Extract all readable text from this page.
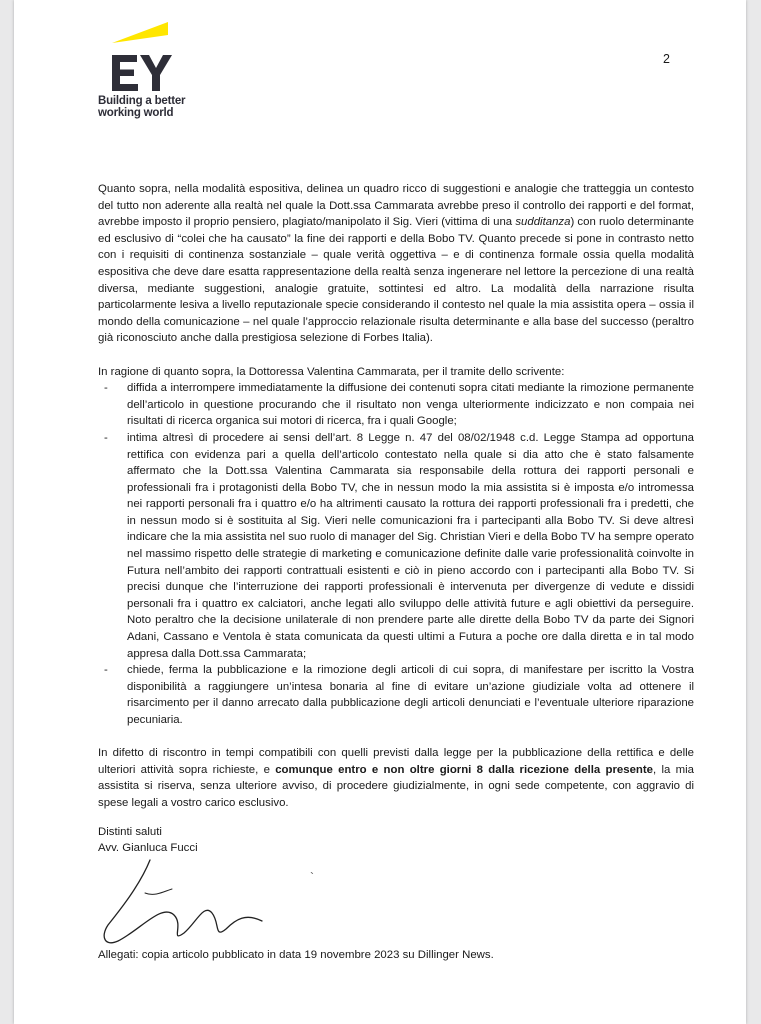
Building a better
working world
2

Quanto sopra, nella modalità espositiva, delinea un quadro ricco di suggestioni e analogie che tratteggia un contesto del tutto non aderente alla realtà nel quale la Dott.ssa Cammarata avrebbe preso il controllo dei rapporti e del format, avrebbe imposto il proprio pensiero, plagiato/manipolato il Sig. Vieri (vittima di una sudditanza) con ruolo determinante ed esclusivo di “colei che ha causato” la fine dei rapporti e della Bobo TV. Quanto precede si pone in contrasto netto con i requisiti di continenza sostanziale – quale verità oggettiva – e di continenza formale ossia quella modalità espositiva che deve dare esatta rappresentazione della realtà senza ingenerare nel lettore la percezione di una realtà diversa, mediante suggestioni, analogie gratuite, sottintesi ed altro. La modalità della narrazione risulta particolarmente lesiva a livello reputazionale specie considerando il contesto nel quale la mia assistita opera – ossia il mondo della comunicazione – nel quale l’approccio relazionale risulta determinante e alla base del successo (peraltro già riconosciuto anche dalla prestigiosa selezione di Forbes Italia).

In ragione di quanto sopra, la Dottoressa Valentina Cammarata, per il tramite dello scrivente:

- diffida a interrompere immediatamente la diffusione dei contenuti sopra citati mediante la rimozione permanente dell’articolo in questione procurando che il risultato non venga ulteriormente indicizzato e non compaia nei risultati di ricerca organica sui motori di ricerca, fra i quali Google;
- intima altresì di procedere ai sensi dell’art. 8 Legge n. 47 del 08/02/1948 c.d. Legge Stampa ad opportuna rettifica con evidenza pari a quella dell’articolo contestato nella quale si dia atto che è stato falsamente affermato che la Dott.ssa Valentina Cammarata sia responsabile della rottura dei rapporti personali e professionali fra i protagonisti della Bobo TV, che in nessun modo la mia assistita si è imposta e/o intromessa nei rapporti personali fra i quattro e/o ha altrimenti causato la rottura dei rapporti professionali fra i predetti, che in nessun modo si è sostituita al Sig. Vieri nelle comunicazioni fra i partecipanti alla Bobo TV. Si deve altresì indicare che la mia assistita nel suo ruolo di manager del Sig. Christian Vieri e della Bobo TV ha sempre operato nel massimo rispetto delle strategie di marketing e comunicazione definite dalle varie professionalità coinvolte in Futura nell’ambito dei rapporti contrattuali esistenti e ciò in pieno accordo con i partecipanti alla Bobo TV. Si precisi dunque che l’interruzione dei rapporti professionali è intervenuta per divergenze di vedute e dissidi personali fra i quattro ex calciatori, anche legati allo sviluppo delle attività future e agli obiettivi da perseguire. Noto peraltro che la decisione unilaterale di non prendere parte alle dirette della Bobo TV da parte dei Signori Adani, Cassano e Ventola è stata comunicata da questi ultimi a Futura a poche ore dalla diretta e in tal modo appresa dalla Dott.ssa Cammarata;
- chiede, ferma la pubblicazione e la rimozione degli articoli di cui sopra, di manifestare per iscritto la Vostra disponibilità a raggiungere un’intesa bonaria al fine di evitare un’azione giudiziale volta ad ottenere il risarcimento per il danno arrecato dalla pubblicazione degli articoli denunciati e l’eventuale ulteriore riparazione pecuniaria.

In difetto di riscontro in tempi compatibili con quelli previsti dalla legge per la pubblicazione della rettifica e delle ulteriori attività sopra richieste, e comunque entro e non oltre giorni 8 dalla ricezione della presente, la mia assistita si riserva, senza ulteriore avviso, di procedere giudizialmente, in ogni sede competente, con aggravio di spese legali a vostro carico esclusivo.

Distinti saluti
Avv. Gianluca Fucci
`
Allegati: copia articolo pubblicato in data 19 novembre 2023 su Dillinger News.
